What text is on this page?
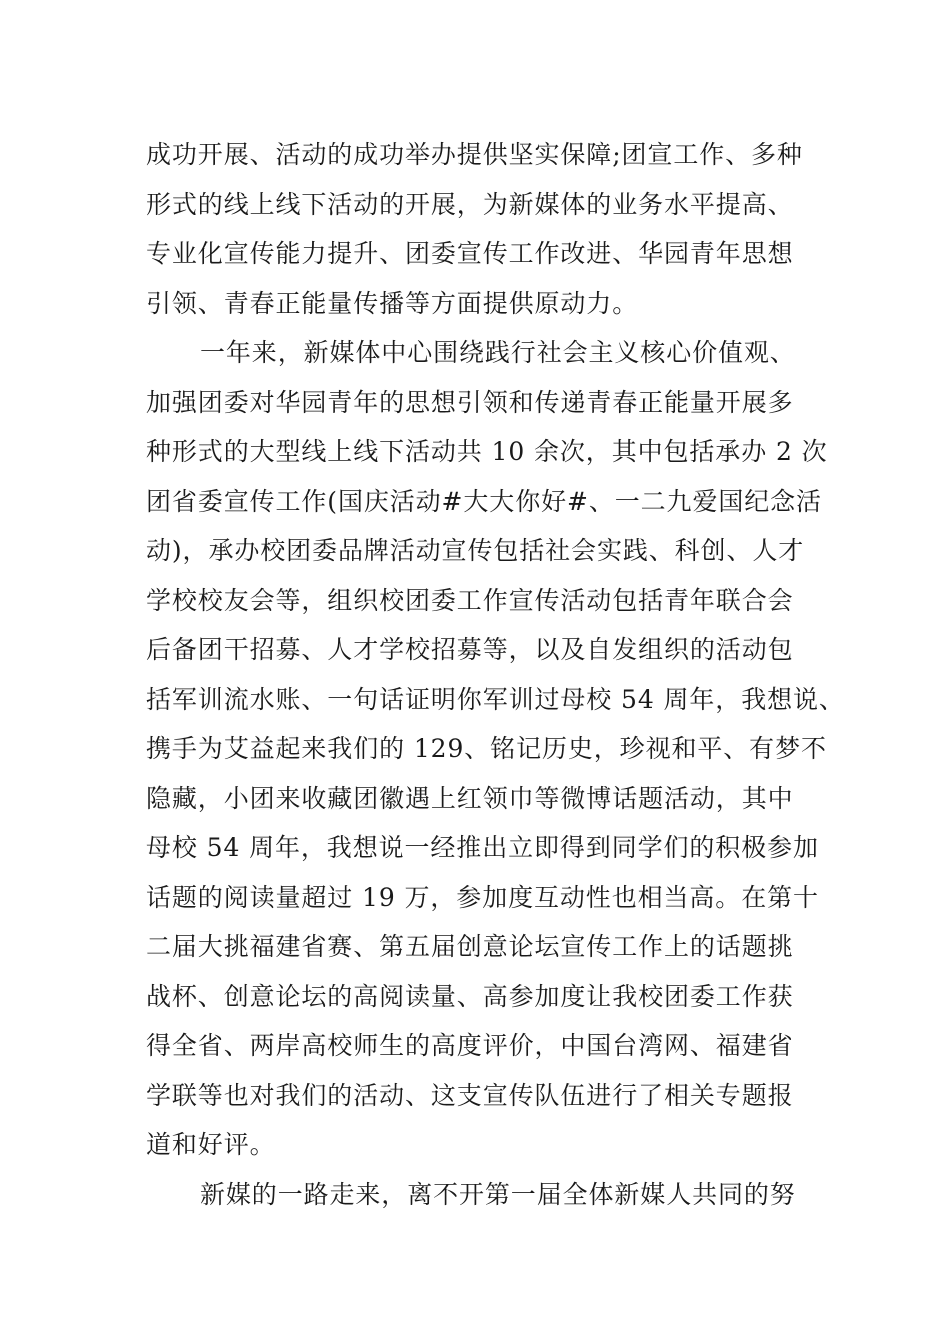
成功开展、活动的成功举办提供坚实保障;团宣工作、多种
形式的线上线下活动的开展，为新媒体的业务水平提高、
专业化宣传能力提升、团委宣传工作改进、华园青年思想
引领、青春正能量传播等方面提供原动力。
一年来，新媒体中心围绕践行社会主义核心价值观、
加强团委对华园青年的思想引领和传递青春正能量开展多
种形式的大型线上线下活动共 10 余次，其中包括承办 2 次
团省委宣传工作(国庆活动#大大你好#、一二九爱国纪念活
动)，承办校团委品牌活动宣传包括社会实践、科创、人才
学校校友会等，组织校团委工作宣传活动包括青年联合会
后备团干招募、人才学校招募等，以及自发组织的活动包
括军训流水账、一句话证明你军训过母校 54 周年，我想说、
携手为艾益起来我们的 129、铭记历史，珍视和平、有梦不
隐藏，小团来收藏团徽遇上红领巾等微博话题活动，其中
母校 54 周年，我想说一经推出立即得到同学们的积极参加
话题的阅读量超过 19 万，参加度互动性也相当高。在第十
二届大挑福建省赛、第五届创意论坛宣传工作上的话题挑
战杯、创意论坛的高阅读量、高参加度让我校团委工作获
得全省、两岸高校师生的高度评价，中国台湾网、福建省
学联等也对我们的活动、这支宣传队伍进行了相关专题报
道和好评。
新媒的一路走来，离不开第一届全体新媒人共同的努
